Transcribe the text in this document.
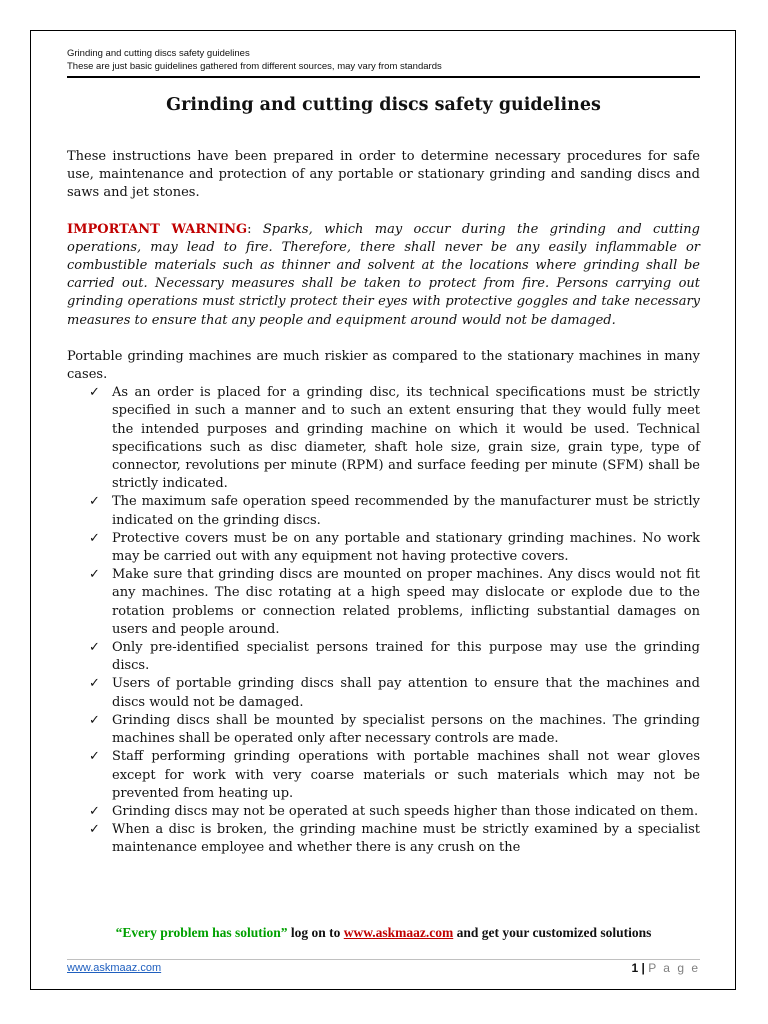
Grinding and cutting discs safety guidelines
These are just basic guidelines gathered from different sources, may vary from standards
Grinding and cutting discs safety guidelines

These instructions have been prepared in order to determine necessary procedures for safe use, maintenance and protection of any portable or stationary grinding and sanding discs and saws and jet stones.

IMPORTANT WARNING: Sparks, which may occur during the grinding and cutting operations, may lead to fire. Therefore, there shall never be any easily inflammable or combustible materials such as thinner and solvent at the locations where grinding shall be carried out. Necessary measures shall be taken to protect from fire. Persons carrying out grinding operations must strictly protect their eyes with protective goggles and take necessary measures to ensure that any people and equipment around would not be damaged.

Portable grinding machines are much riskier as compared to the stationary machines in many cases.

✓ As an order is placed for a grinding disc, its technical specifications must be strictly specified in such a manner and to such an extent ensuring that they would fully meet the intended purposes and grinding machine on which it would be used. Technical specifications such as disc diameter, shaft hole size, grain size, grain type, type of connector, revolutions per minute (RPM) and surface feeding per minute (SFM) shall be strictly indicated.
✓ The maximum safe operation speed recommended by the manufacturer must be strictly indicated on the grinding discs.
✓ Protective covers must be on any portable and stationary grinding machines. No work may be carried out with any equipment not having protective covers.
✓ Make sure that grinding discs are mounted on proper machines. Any discs would not fit any machines. The disc rotating at a high speed may dislocate or explode due to the rotation problems or connection related problems, inflicting substantial damages on users and people around.
✓ Only pre-identified specialist persons trained for this purpose may use the grinding discs.
✓ Users of portable grinding discs shall pay attention to ensure that the machines and discs would not be damaged.
✓ Grinding discs shall be mounted by specialist persons on the machines. The grinding machines shall be operated only after necessary controls are made.
✓ Staff performing grinding operations with portable machines shall not wear gloves except for work with very coarse materials or such materials which may not be prevented from heating up.
✓ Grinding discs may not be operated at such speeds higher than those indicated on them.
✓ When a disc is broken, the grinding machine must be strictly examined by a specialist maintenance employee and whether there is any crush on the
“Every problem has solution” log on to www.askmaaz.com and get your customized solutions
www.askmaaz.com	1 | P a g e
